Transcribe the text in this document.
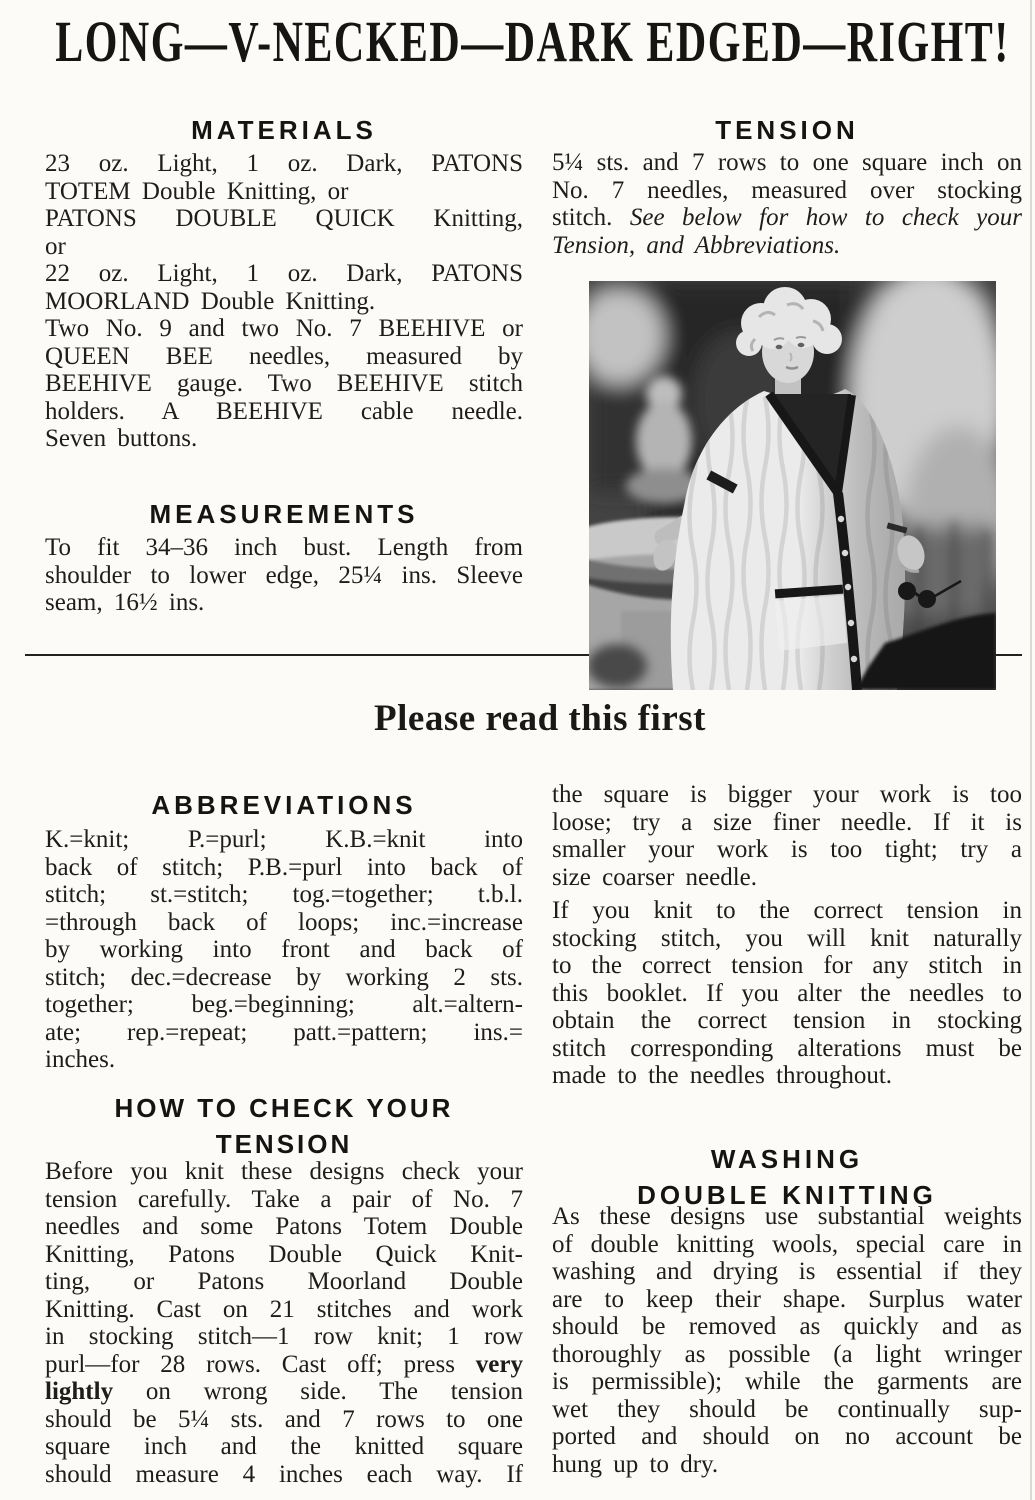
LONG—V-NECKED—DARK EDGED—RIGHT!
MATERIALS
23 oz. Light, 1 oz. Dark, PATONS
TOTEM Double Knitting, or
PATONS DOUBLE QUICK Knitting,
or
22 oz. Light, 1 oz. Dark, PATONS
MOORLAND Double Knitting.
Two No. 9 and two No. 7 BEEHIVE or
QUEEN BEE needles, measured by
BEEHIVE gauge. Two BEEHIVE stitch
holders. A BEEHIVE cable needle.
Seven buttons.
MEASUREMENTS
To fit 34–36 inch bust. Length from
shoulder to lower edge, 25¼ ins. Sleeve
seam, 16½ ins.
TENSION
5¼ sts. and 7 rows to one square inch on
No. 7 needles, measured over stocking
stitch. See below for how to check your
Tension, and Abbreviations.
Please read this first
ABBREVIATIONS
K.=knit; P.=purl; K.B.=knit into
back of stitch; P.B.=purl into back of
stitch; st.=stitch; tog.=together; t.b.l.
=through back of loops; inc.=increase
by working into front and back of
stitch; dec.=decrease by working 2 sts.
together; beg.=beginning; alt.=altern-
ate; rep.=repeat; patt.=pattern; ins.=
inches.
HOW TO CHECK YOUR
TENSION
Before you knit these designs check your
tension carefully. Take a pair of No. 7
needles and some Patons Totem Double
Knitting, Patons Double Quick Knit-
ting, or Patons Moorland Double
Knitting. Cast on 21 stitches and work
in stocking stitch—1 row knit; 1 row
purl—for 28 rows. Cast off; press very
lightly on wrong side. The tension
should be 5¼ sts. and 7 rows to one
square inch and the knitted square
should measure 4 inches each way. If
the square is bigger your work is too
loose; try a size finer needle. If it is
smaller your work is too tight; try a
size coarser needle.
If you knit to the correct tension in
stocking stitch, you will knit naturally
to the correct tension for any stitch in
this booklet. If you alter the needles to
obtain the correct tension in stocking
stitch corresponding alterations must be
made to the needles throughout.
WASHING
DOUBLE KNITTING
As these designs use substantial weights
of double knitting wools, special care in
washing and drying is essential if they
are to keep their shape. Surplus water
should be removed as quickly and as
thoroughly as possible (a light wringer
is permissible); while the garments are
wet they should be continually sup-
ported and should on no account be
hung up to dry.
